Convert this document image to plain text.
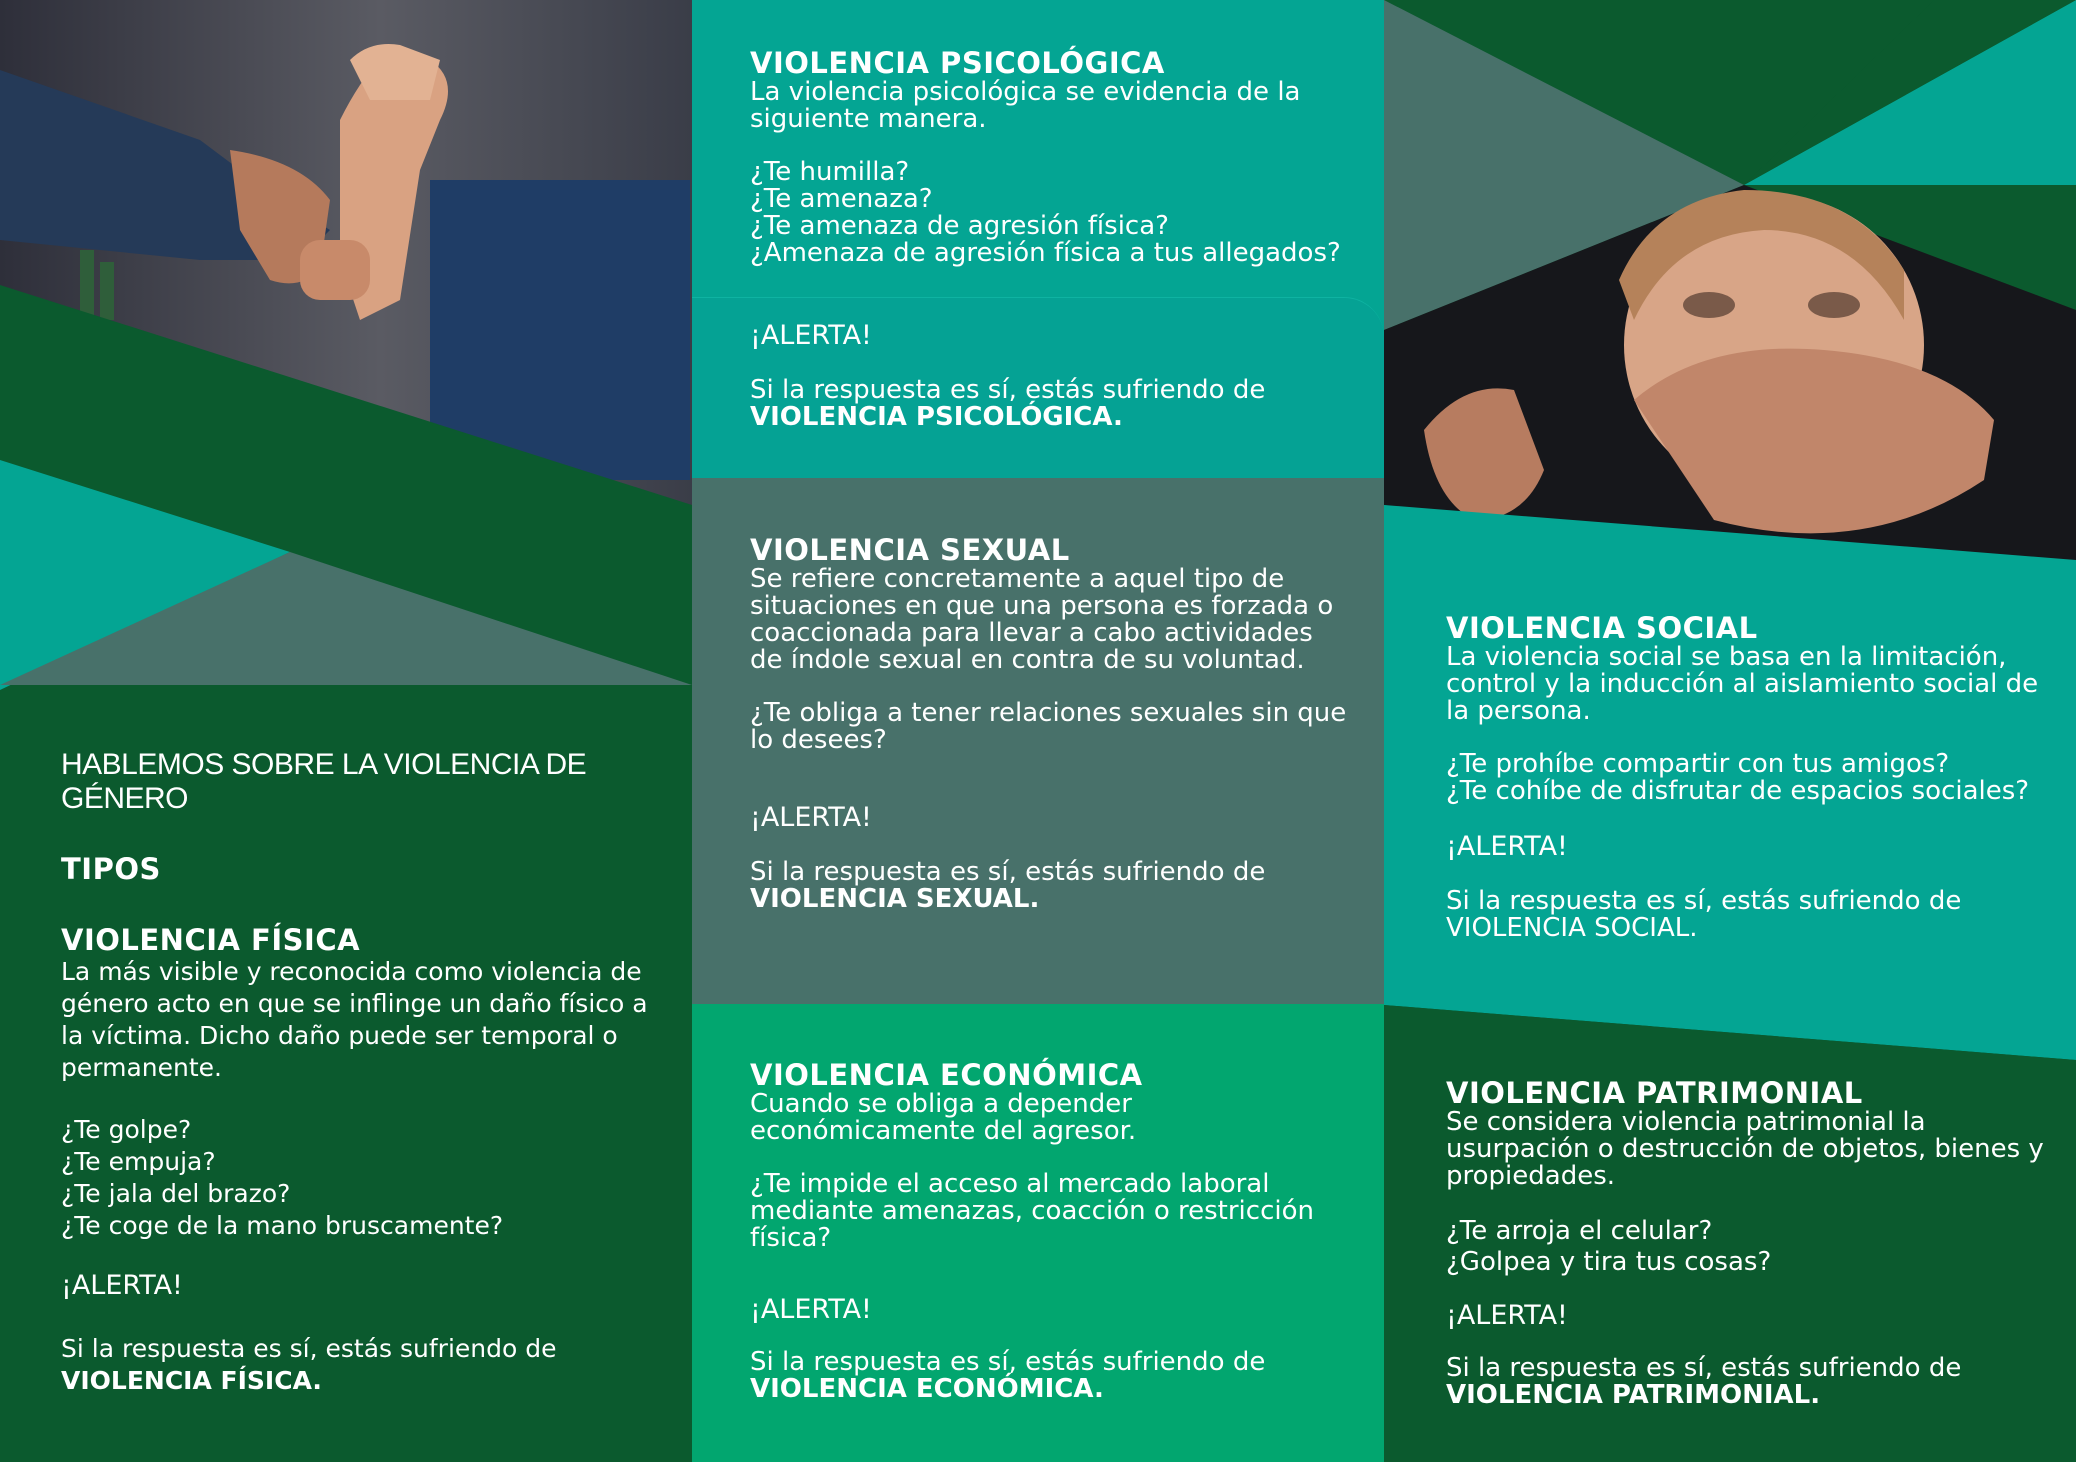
HABLEMOS SOBRE LA VIOLENCIA DE GÉNERO

TIPOS

VIOLENCIA FÍSICA

La más visible y reconocida como violencia de género acto en que se inflinge un daño físico a la víctima. Dicho daño puede ser temporal o permanente.

¿Te golpe?

¿Te empuja?

¿Te jala del brazo?

¿Te coge de la mano bruscamente?

¡ALERTA!

Si la respuesta es sí, estás sufriendo de

VIOLENCIA FÍSICA.

VIOLENCIA PSICOLÓGICA

La violencia psicológica se evidencia de la siguiente manera.

¿Te humilla?

¿Te amenaza?

¿Te amenaza de agresión física?

¿Amenaza de agresión física a tus allegados?

¡ALERTA!

Si la respuesta es sí, estás sufriendo de

VIOLENCIA PSICOLÓGICA.

VIOLENCIA SEXUAL

Se refiere concretamente a aquel tipo de situaciones en que una persona es forzada o coaccionada para llevar a cabo actividades de índole sexual en contra de su voluntad.

¿Te obliga a tener relaciones sexuales sin que lo desees?

¡ALERTA!

Si la respuesta es sí, estás sufriendo de

VIOLENCIA SEXUAL.

VIOLENCIA ECONÓMICA

Cuando se obliga a depender económicamente del agresor.

¿Te impide el acceso al mercado laboral mediante amenazas, coacción o restricción física?

¡ALERTA!

Si la respuesta es sí, estás sufriendo de

VIOLENCIA ECONÓMICA.

VIOLENCIA SOCIAL

La violencia social se basa en la limitación, control y la inducción al aislamiento social de la persona.

¿Te prohíbe compartir con tus amigos?

¿Te cohíbe de disfrutar de espacios sociales?

¡ALERTA!

Si la respuesta es sí, estás sufriendo de

VIOLENCIA SOCIAL.

VIOLENCIA PATRIMONIAL

Se considera violencia patrimonial la usurpación o destrucción de objetos, bienes y propiedades.

¿Te arroja el celular?

¿Golpea y tira tus cosas?

¡ALERTA!

Si la respuesta es sí, estás sufriendo de

VIOLENCIA PATRIMONIAL.
